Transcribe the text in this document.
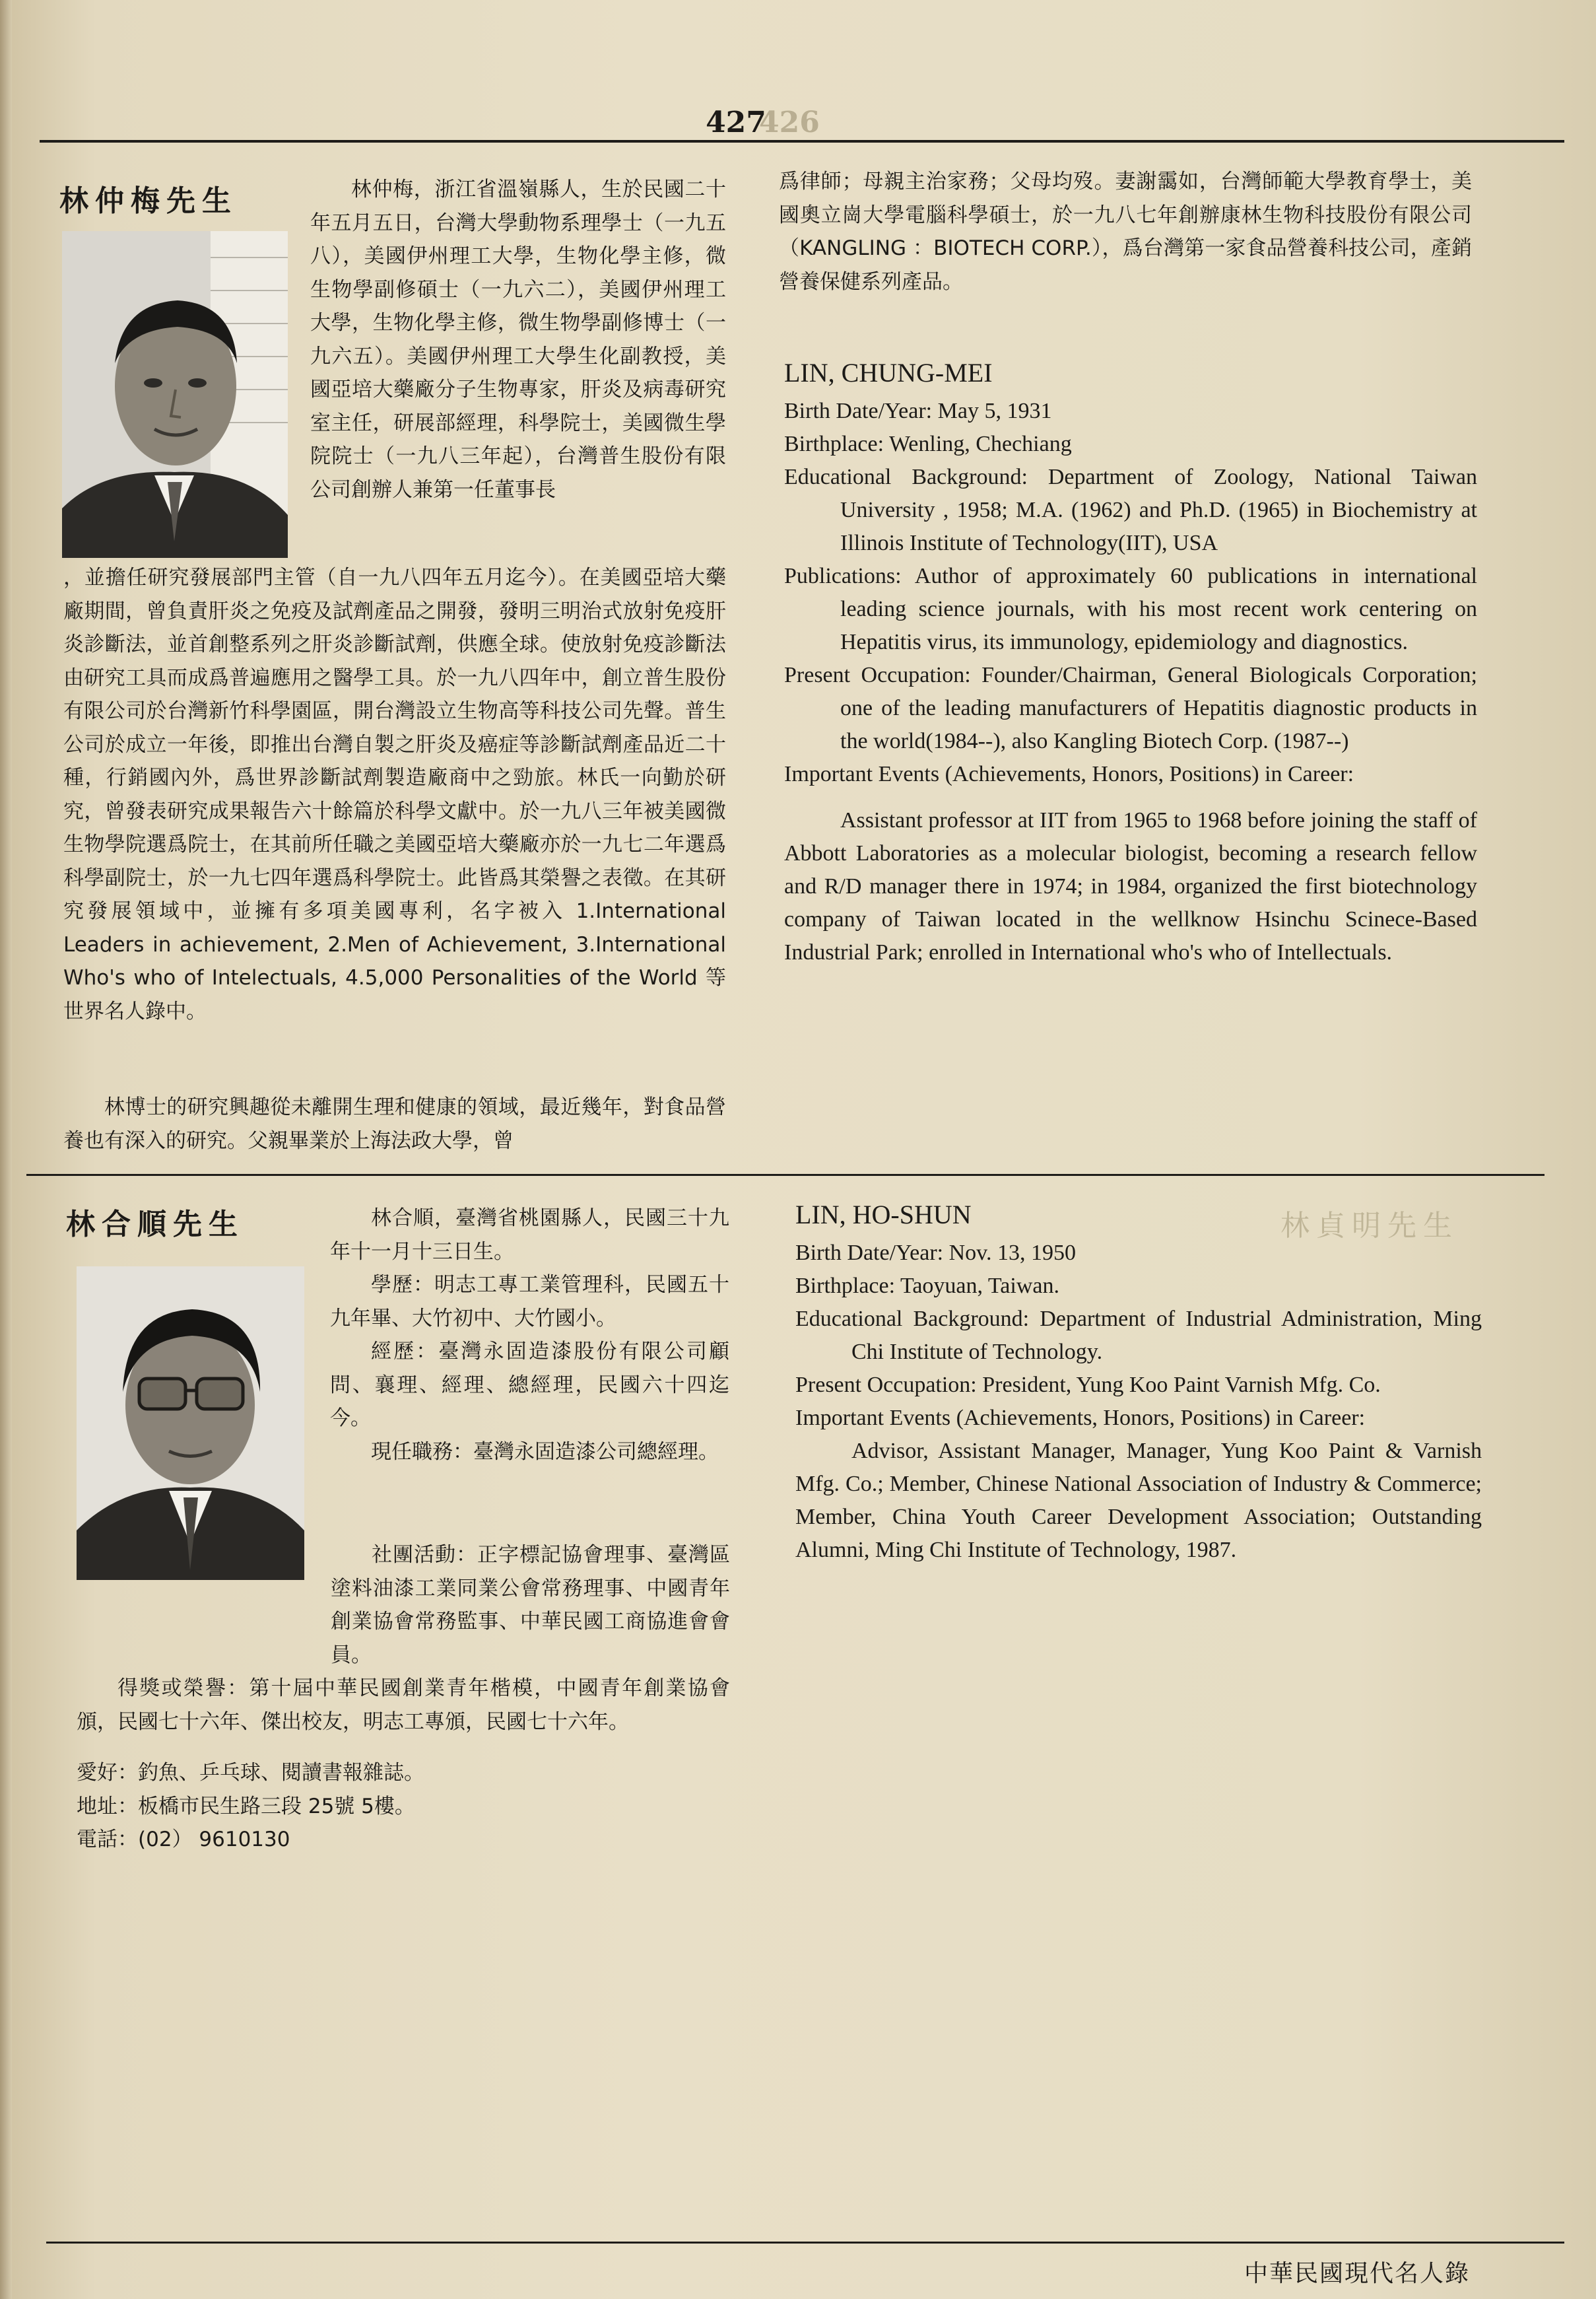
427
426
林仲梅先生	林仲梅，浙江省溫嶺縣人，生於民國二十年五月五日，台灣大學動物系理學士（一九五八），美國伊州理工大學，生物化學主修，微生物學副修碩士（一九六二），美國伊州理工大學，生物化學主修，微生物學副修博士（一九六五）。美國伊州理工大學生化副教授，美國亞培大藥廠分子生物專家，肝炎及病毒研究室主任，研展部經理，科學院士，美國微生學院院士（一九八三年起），台灣普生股份有限公司創辦人兼第一任董事長

，並擔任研究發展部門主管（自一九八四年五月迄今）。在美國亞培大藥廠期間，曾負責肝炎之免疫及試劑產品之開發，發明三明治式放射免疫肝炎診斷法，並首創整系列之肝炎診斷試劑，供應全球。使放射免疫診斷法由研究工具而成爲普遍應用之醫學工具。於一九八四年中，創立普生股份有限公司於台灣新竹科學園區，開台灣設立生物高等科技公司先聲。普生公司於成立一年後，即推出台灣自製之肝炎及癌症等診斷試劑產品近二十種，行銷國內外，爲世界診斷試劑製造廠商中之勁旅。林氏一向勤於研究，曾發表研究成果報告六十餘篇於科學文獻中。於一九八三年被美國微生物學院選爲院士，在其前所任職之美國亞培大藥廠亦於一九七二年選爲科學副院士，於一九七四年選爲科學院士。此皆爲其榮譽之表徵。在其研究發展領域中，並擁有多項美國專利，名字被入 1.International Leaders in achievement, 2.Men of Achievement, 3.International Who's who of Intelectuals, 4.5,000 Personalities of the World 等世界名人錄中。

林博士的研究興趣從未離開生理和健康的領域，最近幾年，對食品營養也有深入的研究。父親畢業於上海法政大學，曾

爲律師；母親主治家務；父母均歿。妻謝靄如，台灣師範大學教育學士，美國奧立崗大學電腦科學碩士，於一九八七年創辦康林生物科技股份有限公司（KANGLING ：BIOTECH CORP.），爲台灣第一家食品營養科技公司，產銷營養保健系列產品。

LIN, CHUNG-MEI
Birth Date/Year: May 5, 1931
Birthplace: Wenling, Chechiang
Educational Background: Department of Zoology, National Taiwan University , 1958; M.A. (1962) and Ph.D. (1965) in Biochemistry at Illinois Institute of Technology(IIT), USA
Publications: Author of approximately 60 publications in international leading science journals, with his most recent work centering on Hepatitis virus, its immunology, epidemiology and diagnostics.
Present Occupation: Founder/Chairman, General Biologicals Corporation; one of the leading manufacturers of Hepatitis diagnostic products in the world(1984--), also Kangling Biotech Corp. (1987--)
Important Events (Achievements, Honors, Positions) in Career:
Assistant professor at IIT from 1965 to 1968 before joining the staff of Abbott Laboratories as a molecular biologist, becoming a research fellow and R/D manager there in 1974; in 1984, organized the first biotechnology company of Taiwan located in the wellknow Hsinchu Scinece-Based Industrial Park; enrolled in International who's who of Intellectuals.
林合順先生	林合順，臺灣省桃園縣人，民國三十九年十一月十三日生。

學歷：明志工專工業管理科，民國五十九年畢、大竹初中、大竹國小。

經歷：臺灣永固造漆股份有限公司顧問、襄理、經理、總經理，民國六十四迄今。

現任職務：臺灣永固造漆公司總經理。

社團活動：正字標記協會理事、臺灣區塗料油漆工業同業公會常務理事、中國青年創業協會常務監事、中華民國工商協進會會員。

得獎或榮譽：第十屆中華民國創業青年楷模，中國青年創業協會頒，民國七十六年、傑出校友，明志工專頒，民國七十六年。

愛好：釣魚、乒乓球、閱讀書報雜誌。
地址：板橋市民生路三段 25號 5樓。
電話：(02） 9610130
LIN, HO-SHUN
Birth Date/Year: Nov. 13, 1950
Birthplace: Taoyuan, Taiwan.
Educational Background: Department of Industrial Administration, Ming Chi Institute of Technology.
Present Occupation: President, Yung Koo Paint Varnish Mfg. Co.
Important Events (Achievements, Honors, Positions) in Career:
Advisor, Assistant Manager, Manager, Yung Koo Paint & Varnish Mfg. Co.; Member, Chinese National Association of Industry & Commerce; Member, China Youth Career Development Association; Outstanding Alumni, Ming Chi Institute of Technology, 1987.
林貞明先生
中華民國現代名人錄
